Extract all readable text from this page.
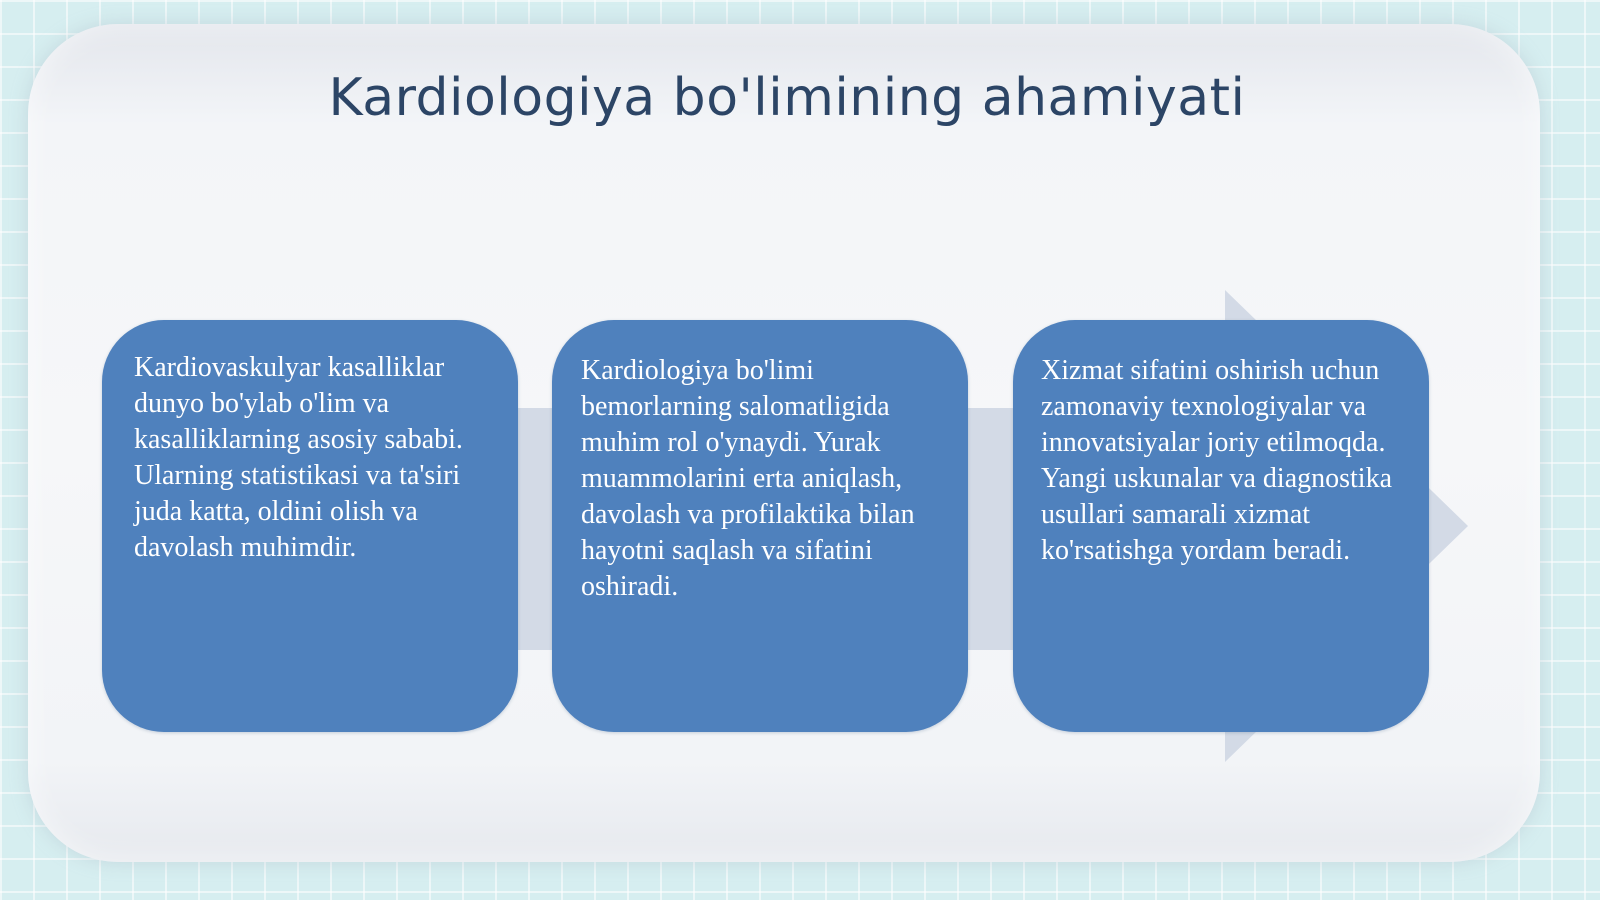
Kardiologiya bo'limining ahamiyati

Kardiovaskulyar kasalliklar dunyo bo'ylab o'lim va kasalliklarning asosiy sababi. Ularning statistikasi va ta'siri juda katta, oldini olish va davolash muhimdir.

Kardiologiya bo'limi bemorlarning salomatligida muhim rol o'ynaydi. Yurak muammolarini erta aniqlash, davolash va profilaktika bilan hayotni saqlash va sifatini oshiradi.

Xizmat sifatini oshirish uchun zamonaviy texnologiyalar va innovatsiyalar joriy etilmoqda. Yangi uskunalar va diagnostika usullari samarali xizmat ko'rsatishga yordam beradi.
